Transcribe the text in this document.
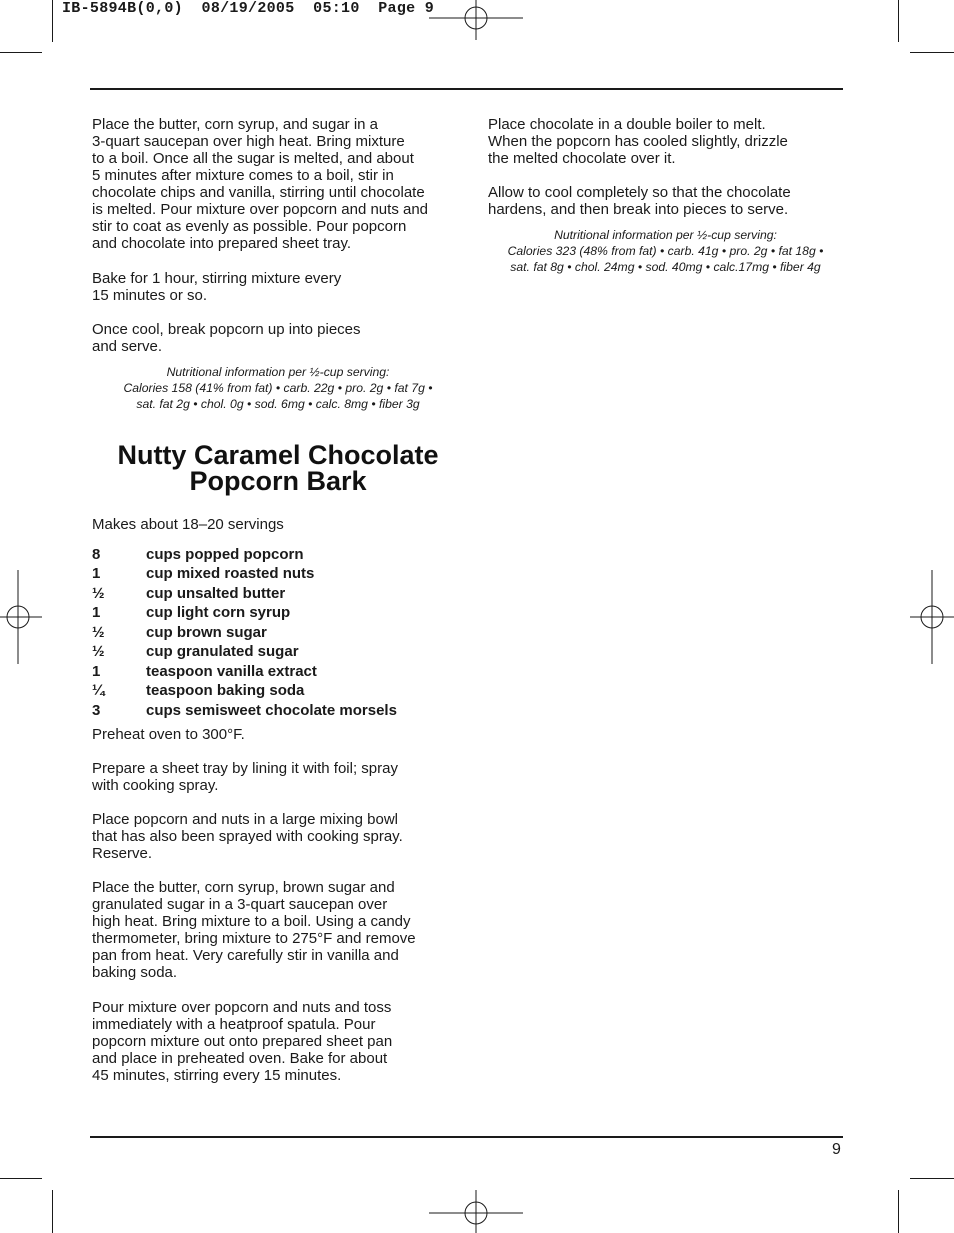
IB-5894B(0,0)  08/19/2005  05:10  Page 9
Place the butter, corn syrup, and sugar in a
3-quart saucepan over high heat. Bring mixture
to a boil. Once all the sugar is melted, and about
5 minutes after mixture comes to a boil, stir in
chocolate chips and vanilla, stirring until chocolate
is melted. Pour mixture over popcorn and nuts and
stir to coat as evenly as possible. Pour popcorn
and chocolate into prepared sheet tray.
Bake for 1 hour, stirring mixture every
15 minutes or so.
Once cool, break popcorn up into pieces
and serve.
Nutritional information per ½-cup serving:
Calories 158 (41% from fat) • carb. 22g • pro. 2g • fat 7g •
sat. fat 2g • chol. 0g • sod. 6mg • calc. 8mg • fiber 3g
Nutty Caramel Chocolate
Popcorn Bark
Makes about 18–20 servings
8	cups popped popcorn
1	cup mixed roasted nuts
½	cup unsalted butter
1	cup light corn syrup
½	cup brown sugar
½	cup granulated sugar
1	teaspoon vanilla extract
¼	teaspoon baking soda
3	cups semisweet chocolate morsels
Preheat oven to 300°F.
Prepare a sheet tray by lining it with foil; spray
with cooking spray.
Place popcorn and nuts in a large mixing bowl
that has also been sprayed with cooking spray.
Reserve.
Place the butter, corn syrup, brown sugar and
granulated sugar in a 3-quart saucepan over
high heat. Bring mixture to a boil. Using a candy
thermometer, bring mixture to 275°F and remove
pan from heat. Very carefully stir in vanilla and
baking soda.
Pour mixture over popcorn and nuts and toss
immediately with a heatproof spatula. Pour
popcorn mixture out onto prepared sheet pan
and place in preheated oven. Bake for about
45 minutes, stirring every 15 minutes.
Place chocolate in a double boiler to melt.
When the popcorn has cooled slightly, drizzle
the melted chocolate over it.
Allow to cool completely so that the chocolate
hardens, and then break into pieces to serve.
Nutritional information per ½-cup serving:
Calories 323 (48% from fat) • carb. 41g • pro. 2g • fat 18g •
sat. fat 8g • chol. 24mg • sod. 40mg • calc.17mg • fiber 4g
9
